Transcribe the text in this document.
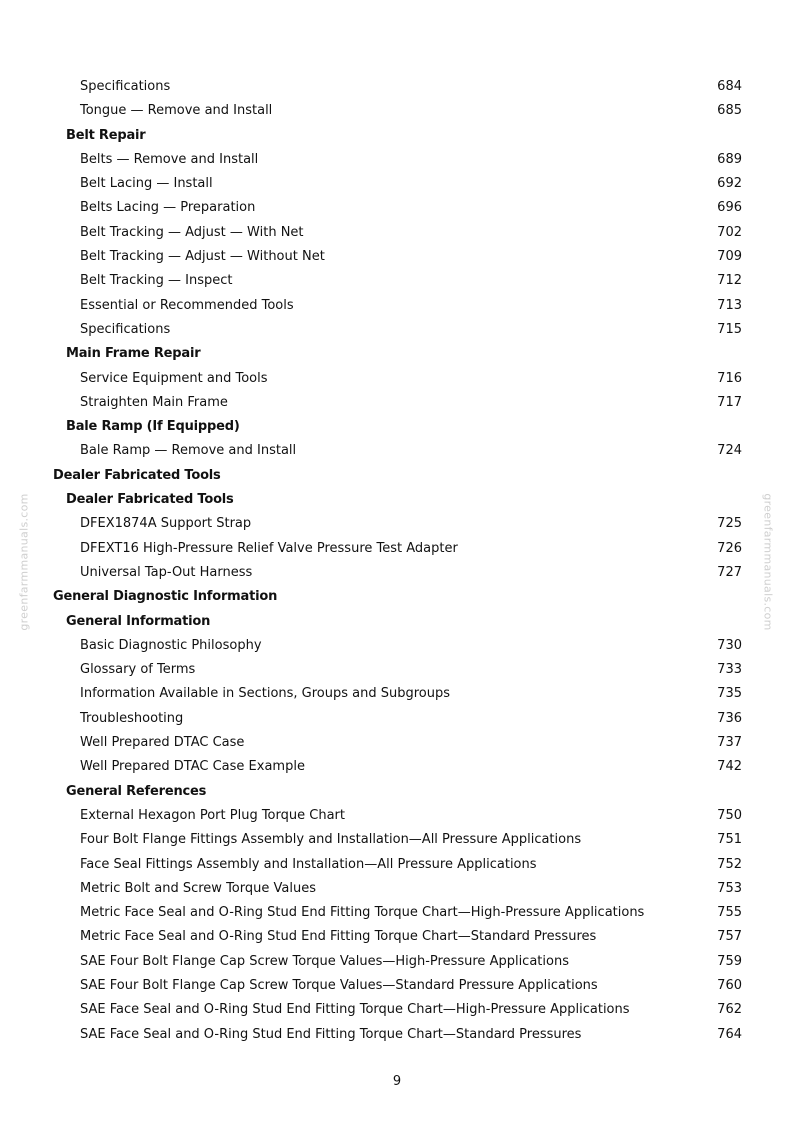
Specifications	684
Tongue — Remove and Install	685
Belt Repair
Belts — Remove and Install	689
Belt Lacing — Install	692
Belts Lacing — Preparation	696
Belt Tracking — Adjust — With Net	702
Belt Tracking — Adjust — Without Net	709
Belt Tracking — Inspect	712
Essential or Recommended Tools	713
Specifications	715
Main Frame Repair
Service Equipment and Tools	716
Straighten Main Frame	717
Bale Ramp (If Equipped)
Bale Ramp — Remove and Install	724
Dealer Fabricated Tools
Dealer Fabricated Tools
DFEX1874A Support Strap	725
DFEXT16 High-Pressure Relief Valve Pressure Test Adapter	726
Universal Tap-Out Harness	727
General Diagnostic Information
General Information
Basic Diagnostic Philosophy	730
Glossary of Terms	733
Information Available in Sections, Groups and Subgroups	735
Troubleshooting	736
Well Prepared DTAC Case	737
Well Prepared DTAC Case Example	742
General References
External Hexagon Port Plug Torque Chart	750
Four Bolt Flange Fittings Assembly and Installation—All Pressure Applications	751
Face Seal Fittings Assembly and Installation—All Pressure Applications	752
Metric Bolt and Screw Torque Values	753
Metric Face Seal and O-Ring Stud End Fitting Torque Chart—High-Pressure Applications	755
Metric Face Seal and O-Ring Stud End Fitting Torque Chart—Standard Pressures	757
SAE Four Bolt Flange Cap Screw Torque Values—High-Pressure Applications	759
SAE Four Bolt Flange Cap Screw Torque Values—Standard Pressure Applications	760
SAE Face Seal and O-Ring Stud End Fitting Torque Chart—High-Pressure Applications	762
SAE Face Seal and O-Ring Stud End Fitting Torque Chart—Standard Pressures	764
greenfarmmanuals.com	greenfarmmanuals.com
9
